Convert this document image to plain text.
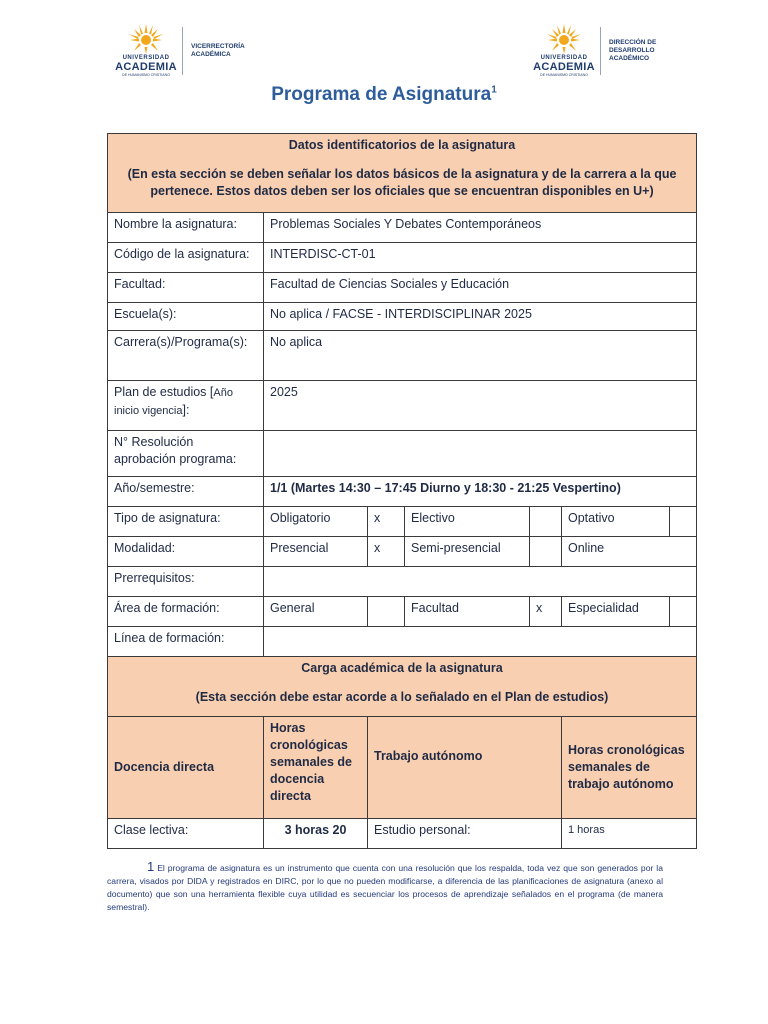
UNIVERSIDAD
ACADEMIA
DE HUMANISMO CRISTIANO
VICERRECTORÍA
ACADÉMICA	UNIVERSIDAD
ACADEMIA
DE HUMANISMO CRISTIANO
DIRECCIÓN DE
DESARROLLO
ACADÉMICO
Programa de Asignatura$^1$

Datos identificatorios de la asignatura

(En esta sección se deben señalar los datos básicos de la asignatura y de la carrera a la que pertenece. Estos datos deben ser los oficiales que se encuentran disponibles en U+)						

Nombre la asignatura:	Problemas Sociales Y Debates Contemporáneos					
Código de la asignatura:	INTERDISC-CT-01					
Facultad:	Facultad de Ciencias Sociales y Educación					
Escuela(s):	No aplica / FACSE - INTERDISCIPLINAR 2025					
Carrera(s)/Programa(s):	No aplica					
Plan de estudios [Año inicio vigencia]:	2025					
N° Resolución aprobación programa:						
Año/semestre:	1/1 (Martes 14:30 – 17:45 Diurno y 18:30 - 21:25 Vespertino)					
Tipo de asignatura:	Obligatorio	x	Electivo		Optativo	
Modalidad:	Presencial	x	Semi-presencial		Online	
Prerrequisitos:						
Área de formación:	General		Facultad	x	Especialidad	
Línea de formación:						

Carga académica de la asignatura

(Esta sección debe estar acorde a lo señalado en el Plan de estudios)						

Docencia directa	Horas cronológicas semanales de docencia directa	Trabajo autónomo			Horas cronológicas semanales de trabajo autónomo	
Clase lectiva:	3 horas 20	Estudio personal:			1 horas	
1 El programa de asignatura es un instrumento que cuenta con una resolución que los respalda, toda vez que son generados por la carrera, visados por DIDA y registrados en DIRC, por lo que no pueden modificarse, a diferencia de las planificaciones de asignatura (anexo al documento) que son una herramienta flexible cuya utilidad es secuenciar los procesos de aprendizaje señalados en el programa (de manera semestral).
